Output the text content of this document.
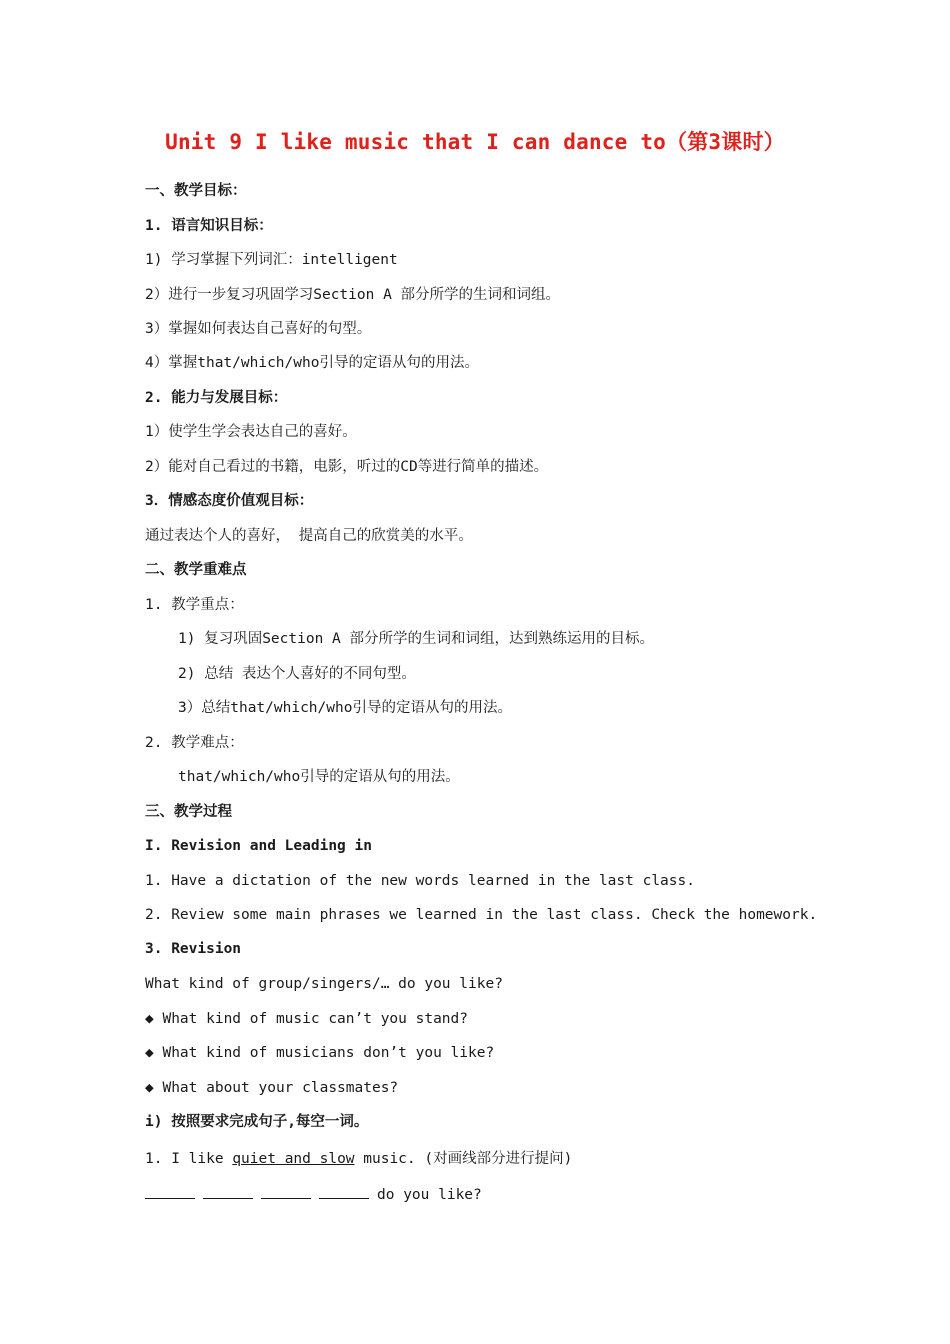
Unit 9 I like music that I can dance to（第3课时）
一、教学目标：
1. 语言知识目标：
1) 学习掌握下列词汇：intelligent
2）进行一步复习巩固学习Section A 部分所学的生词和词组。
3）掌握如何表达自己喜好的句型。
4）掌握that/which/who引导的定语从句的用法。
2. 能力与发展目标：
1）使学生学会表达自己的喜好。
2）能对自己看过的书籍，电影，听过的CD等进行简单的描述。
3．情感态度价值观目标：
通过表达个人的喜好， 提高自己的欣赏美的水平。
二、教学重难点
1. 教学重点：
1) 复习巩固Section A 部分所学的生词和词组，达到熟练运用的目标。
2) 总结 表达个人喜好的不同句型。
3）总结that/which/who引导的定语从句的用法。
2. 教学难点：
that/which/who引导的定语从句的用法。
三、教学过程
I. Revision and Leading in
1. Have a dictation of the new words learned in the last class.
2. Review some main phrases we learned in the last class. Check the homework.
3. Revision
What kind of group/singers/… do you like?
◆ What kind of music can’t you stand?
◆ What kind of musicians don’t you like?
◆ What about your classmates?
i) 按照要求完成句子,每空一词。
1. I like quiet and slow music. (对画线部分进行提问)
do you like?
